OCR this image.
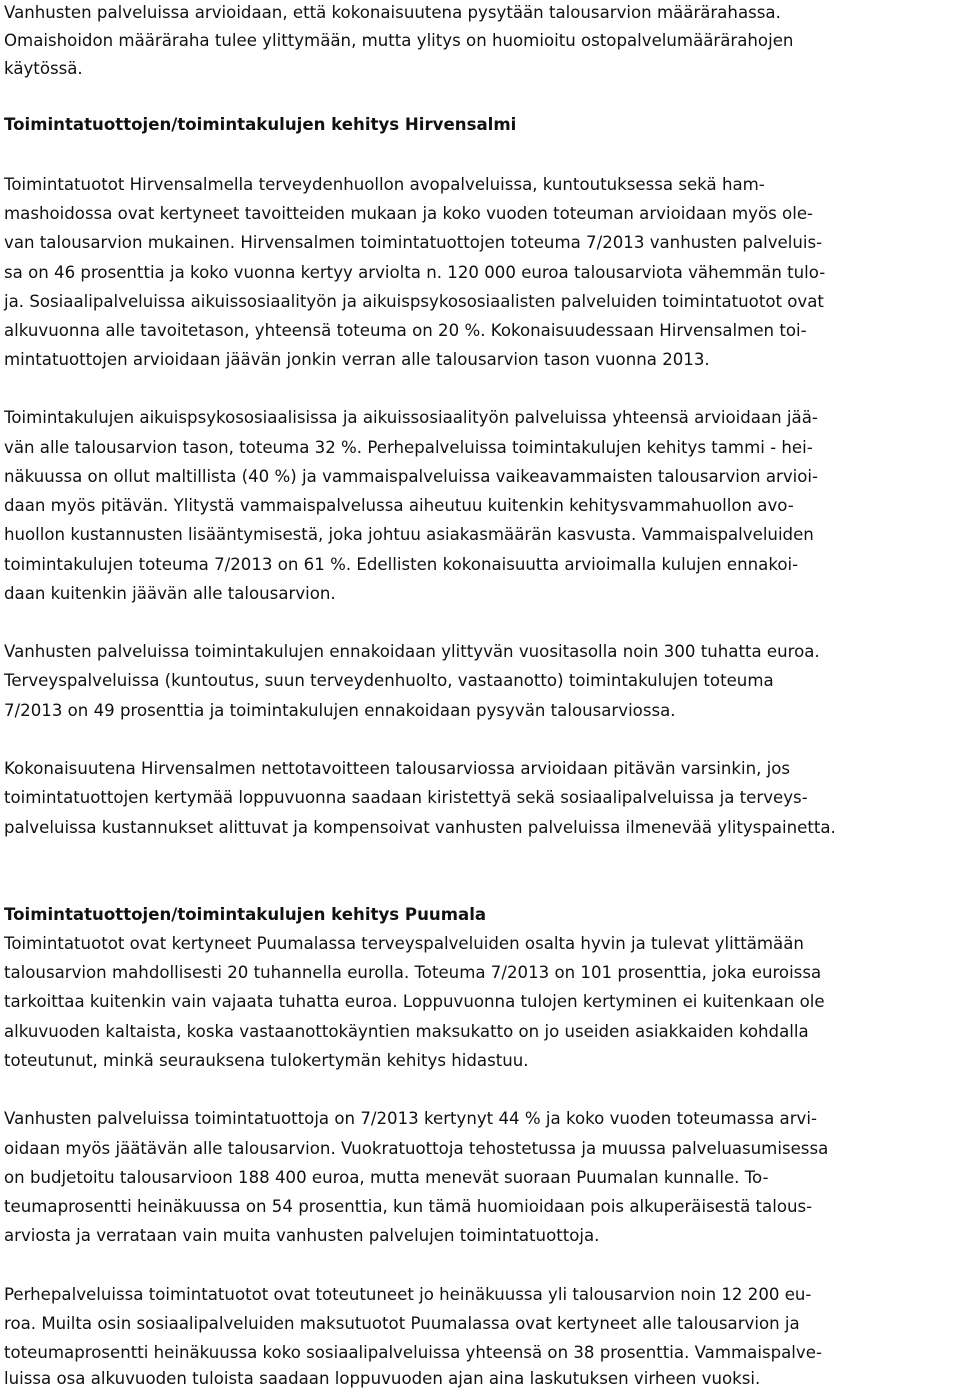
Vanhusten palveluissa arvioidaan, että kokonaisuutena pysytään talousarvion määrärahassa.
Omaishoidon määräraha tulee ylittymään, mutta ylitys on huomioitu ostopalvelumäärärahojen
käytössä.
Toimintatuottojen/toimintakulujen kehitys Hirvensalmi
Toimintatuotot Hirvensalmella terveydenhuollon avopalveluissa, kuntoutuksessa sekä ham-
mashoidossa ovat kertyneet tavoitteiden mukaan ja koko vuoden toteuman arvioidaan myös ole-
van talousarvion mukainen. Hirvensalmen toimintatuottojen toteuma 7/2013 vanhusten palveluis-
sa on 46 prosenttia ja koko vuonna kertyy arviolta n. 120 000 euroa talousarviota vähemmän tulo-
ja. Sosiaalipalveluissa aikuissosiaalityön ja aikuispsykososiaalisten palveluiden toimintatuotot ovat
alkuvuonna alle tavoitetason, yhteensä toteuma on 20 %. Kokonaisuudessaan Hirvensalmen toi-
mintatuottojen arvioidaan jäävän jonkin verran alle talousarvion tason vuonna 2013.
Toimintakulujen aikuispsykososiaalisissa ja aikuissosiaalityön palveluissa yhteensä arvioidaan jää-
vän alle talousarvion tason, toteuma 32 %. Perhepalveluissa toimintakulujen kehitys tammi - hei-
näkuussa on ollut maltillista (40 %) ja vammaispalveluissa vaikeavammaisten talousarvion arvioi-
daan myös pitävän. Ylitystä vammaispalvelussa aiheutuu kuitenkin kehitysvammahuollon avo-
huollon kustannusten lisääntymisestä, joka johtuu asiakasmäärän kasvusta. Vammaispalveluiden
toimintakulujen toteuma 7/2013 on 61 %. Edellisten kokonaisuutta arvioimalla kulujen ennakoi-
daan kuitenkin jäävän alle talousarvion.
Vanhusten palveluissa toimintakulujen ennakoidaan ylittyvän vuositasolla noin 300 tuhatta euroa.
Terveyspalveluissa (kuntoutus, suun terveydenhuolto, vastaanotto) toimintakulujen toteuma
7/2013 on 49 prosenttia ja toimintakulujen ennakoidaan pysyvän talousarviossa.
Kokonaisuutena Hirvensalmen nettotavoitteen talousarviossa arvioidaan pitävän varsinkin, jos
toimintatuottojen kertymää loppuvuonna saadaan kiristettyä sekä sosiaalipalveluissa ja terveys-
palveluissa kustannukset alittuvat ja kompensoivat vanhusten palveluissa ilmenevää ylityspainetta.
Toimintatuottojen/toimintakulujen kehitys Puumala
Toimintatuotot ovat kertyneet Puumalassa terveyspalveluiden osalta hyvin ja tulevat ylittämään
talousarvion mahdollisesti 20 tuhannella eurolla. Toteuma 7/2013 on 101 prosenttia, joka euroissa
tarkoittaa kuitenkin vain vajaata tuhatta euroa. Loppuvuonna tulojen kertyminen ei kuitenkaan ole
alkuvuoden kaltaista, koska vastaanottokäyntien maksukatto on jo useiden asiakkaiden kohdalla
toteutunut, minkä seurauksena tulokertymän kehitys hidastuu.
Vanhusten palveluissa toimintatuottoja on 7/2013 kertynyt 44 % ja koko vuoden toteumassa arvi-
oidaan myös jäätävän alle talousarvion. Vuokratuottoja tehostetussa ja muussa palveluasumisessa
on budjetoitu talousarvioon 188 400 euroa, mutta menevät suoraan Puumalan kunnalle. To-
teumaprosentti heinäkuussa on 54 prosenttia, kun tämä huomioidaan pois alkuperäisestä talous-
arviosta ja verrataan vain muita vanhusten palvelujen toimintatuottoja.
Perhepalveluissa toimintatuotot ovat toteutuneet jo heinäkuussa yli talousarvion noin 12 200 eu-
roa. Muilta osin sosiaalipalveluiden maksutuotot Puumalassa ovat kertyneet alle talousarvion ja
toteumaprosentti heinäkuussa koko sosiaalipalveluissa yhteensä on 38 prosenttia. Vammaispalve-
luissa osa alkuvuoden tuloista saadaan loppuvuoden ajan aina laskutuksen virheen vuoksi.
